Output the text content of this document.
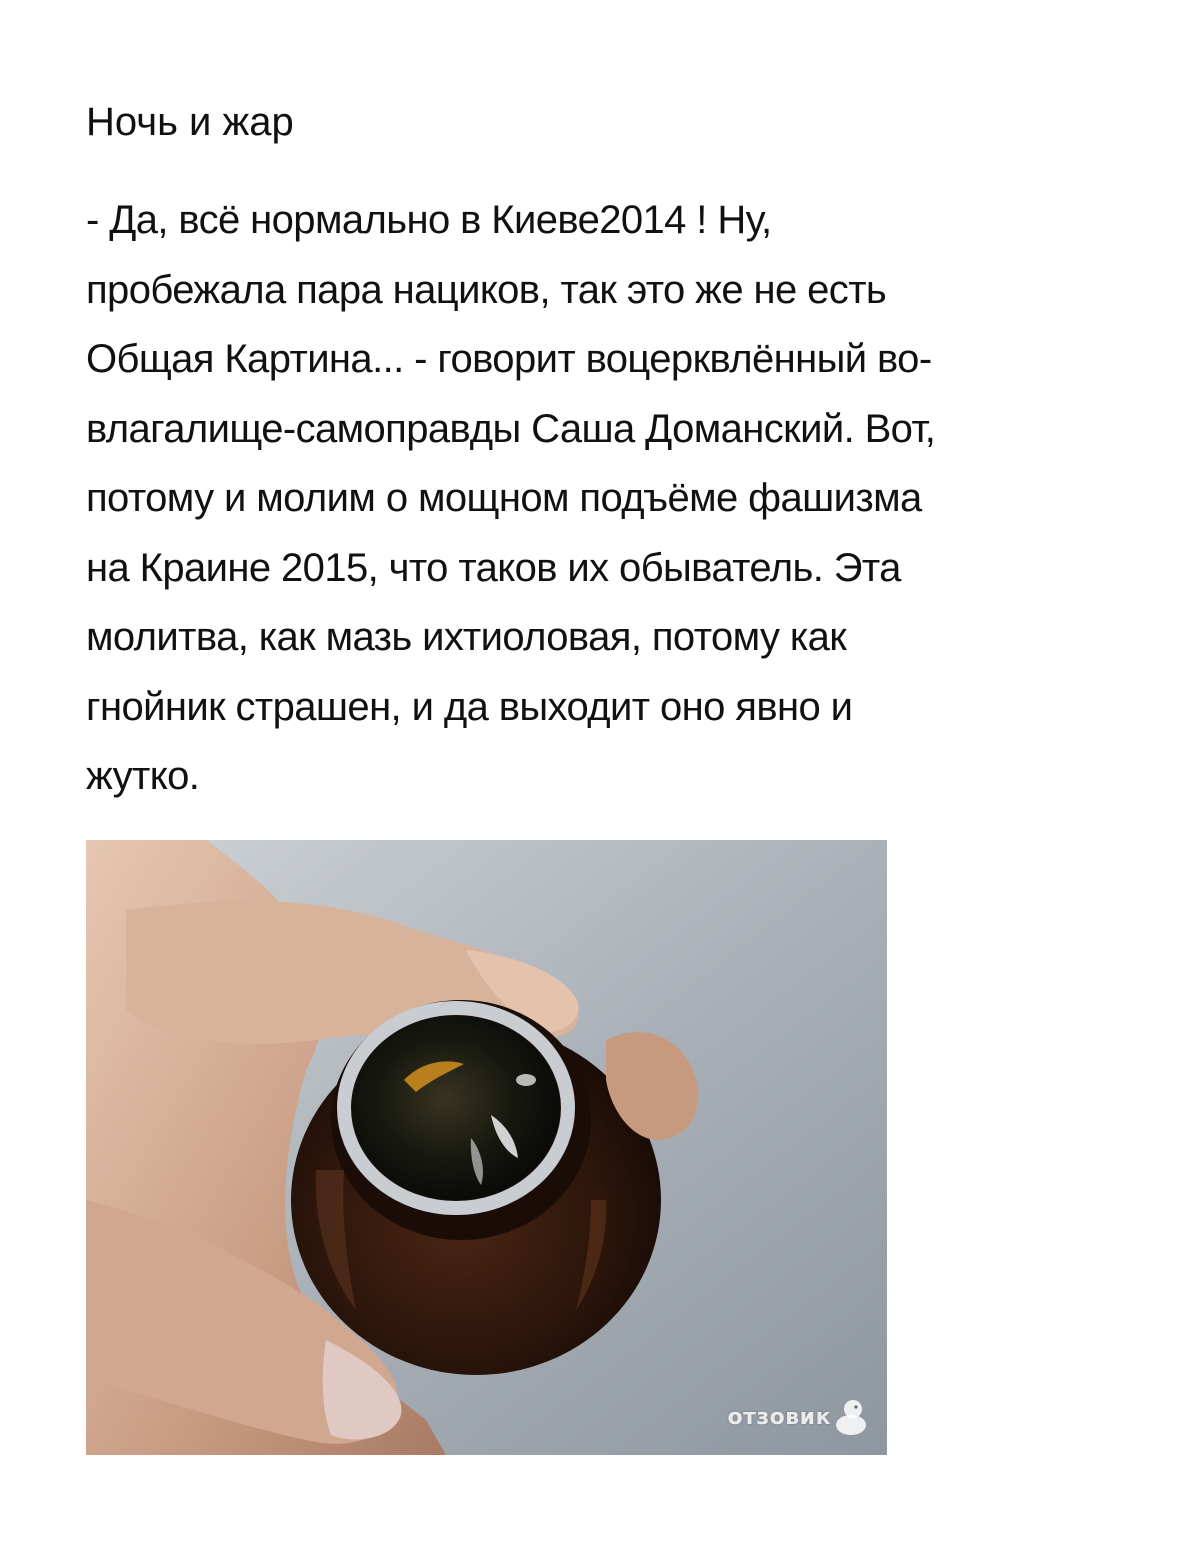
Ночь и жар

- Да, всё нормально в Киеве2014 ! Ну,
пробежала пара нациков, так это же не есть
Общая Картина... - говорит воцерквлённый во-
влагалище-самоправды Саша Доманский. Вот,
потому и молим о мощном подъёме фашизма
на Краине 2015, что таков их обыватель. Эта
молитва, как мазь ихтиоловая, потому как
гнойник страшен, и да выходит оно явно и
жутко.

отзовик
